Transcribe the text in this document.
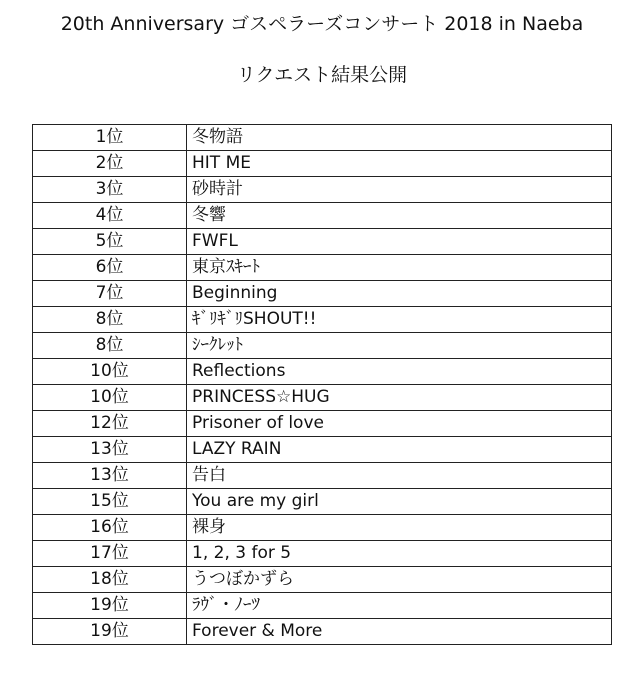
20th Anniversary ゴスペラーズコンサート 2018 in Naeba
リクエスト結果公開
1位	冬物語
2位	HIT ME
3位	砂時計
4位	冬響
5位	FWFL
6位	東京ｽｷｰﾄ
7位	Beginning
8位	ｷﾞﾘｷﾞﾘSHOUT!!
8位	ｼｰｸﾚｯﾄ
10位	Reflections
10位	PRINCESS☆HUG
12位	Prisoner of love
13位	LAZY RAIN
13位	告白
15位	You are my girl
16位	裸身
17位	1, 2, 3 for 5
18位	うつぼかずら
19位	ﾗｳﾞ・ﾉｰﾂ
19位	Forever & More
